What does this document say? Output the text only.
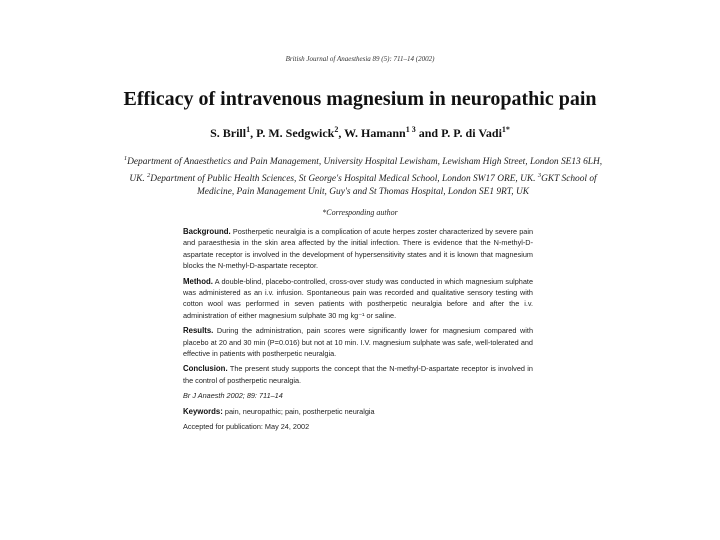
British Journal of Anaesthesia 89 (5): 711–14 (2002)
Efficacy of intravenous magnesium in neuropathic pain
S. Brill$^1$, P. M. Sedgwick$^2$, W. Hamann$^{1 3}$ and P. P. di Vadi$^{1*}$
$^1$Department of Anaesthetics and Pain Management, University Hospital Lewisham, Lewisham High Street, London SE13 6LH, UK. $^2$Department of Public Health Sciences, St George's Hospital Medical School, London SW17 ORE, UK. $^3$GKT School of Medicine, Pain Management Unit, Guy's and St Thomas Hospital, London SE1 9RT, UK
*Corresponding author

Background. Postherpetic neuralgia is a complication of acute herpes zoster characterized by severe pain and paraesthesia in the skin area affected by the initial infection. There is evidence that the N-methyl-D-aspartate receptor is involved in the development of hypersensitivity states and it is known that magnesium blocks the N-methyl-D-aspartate receptor.

Method. A double-blind, placebo-controlled, cross-over study was conducted in which magnesium sulphate was administered as an i.v. infusion. Spontaneous pain was recorded and qualitative sensory testing with cotton wool was performed in seven patients with postherpetic neuralgia before and after the i.v. administration of either magnesium sulphate 30 mg kg⁻¹ or saline.

Results. During the administration, pain scores were significantly lower for magnesium compared with placebo at 20 and 30 min (P=0.016) but not at 10 min. I.V. magnesium sulphate was safe, well-tolerated and effective in patients with postherpetic neuralgia.

Conclusion. The present study supports the concept that the N-methyl-D-aspartate receptor is involved in the control of postherpetic neuralgia.

Br J Anaesth 2002; 89: 711–14

Keywords: pain, neuropathic; pain, postherpetic neuralgia

Accepted for publication: May 24, 2002
